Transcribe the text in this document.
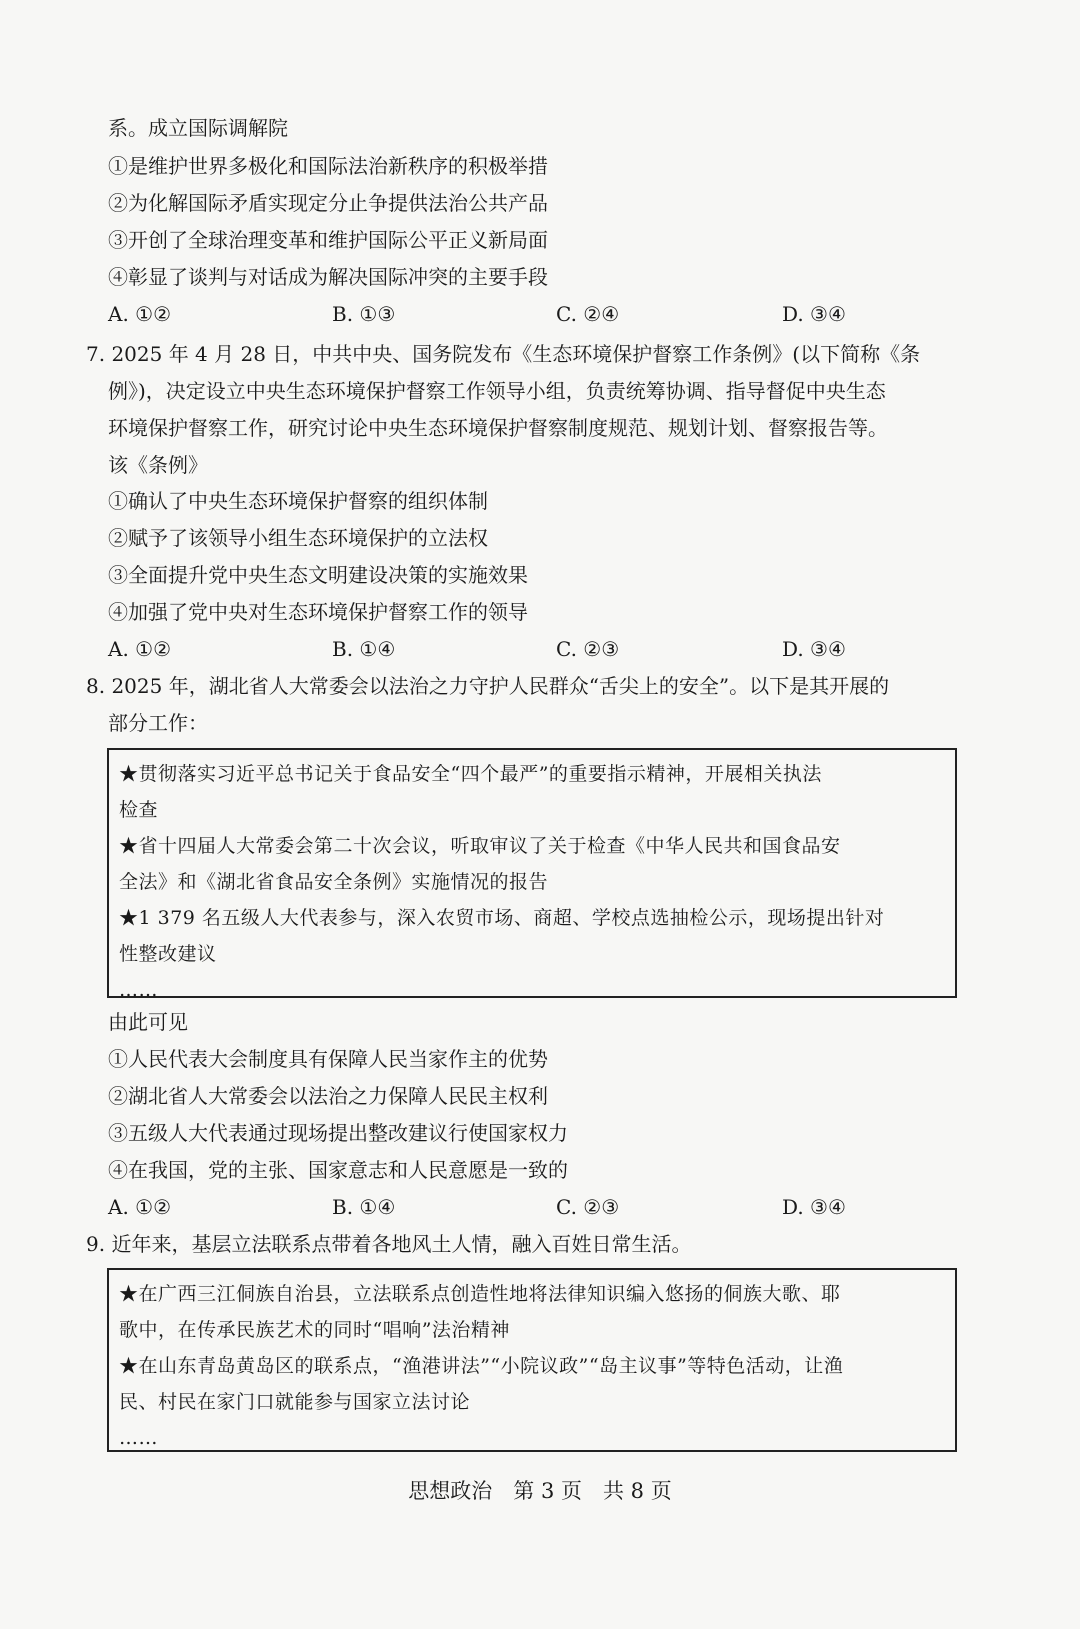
系。成立国际调解院
①是维护世界多极化和国际法治新秩序的积极举措
②为化解国际矛盾实现定分止争提供法治公共产品
③开创了全球治理变革和维护国际公平正义新局面
④彰显了谈判与对话成为解决国际冲突的主要手段
A. ①②	B. ①③	C. ②④	D. ③④
7. 2025 年 4 月 28 日，中共中央、国务院发布《生态环境保护督察工作条例》(以下简称《条
例》)，决定设立中央生态环境保护督察工作领导小组，负责统筹协调、指导督促中央生态
环境保护督察工作，研究讨论中央生态环境保护督察制度规范、规划计划、督察报告等。
该《条例》
①确认了中央生态环境保护督察的组织体制
②赋予了该领导小组生态环境保护的立法权
③全面提升党中央生态文明建设决策的实施效果
④加强了党中央对生态环境保护督察工作的领导
A. ①②	B. ①④	C. ②③	D. ③④
8. 2025 年，湖北省人大常委会以法治之力守护人民群众“舌尖上的安全”。以下是其开展的
部分工作：
★贯彻落实习近平总书记关于食品安全“四个最严”的重要指示精神，开展相关执法
检查
★省十四届人大常委会第二十次会议，听取审议了关于检查《中华人民共和国食品安
全法》和《湖北省食品安全条例》实施情况的报告
★1 379 名五级人大代表参与，深入农贸市场、商超、学校点选抽检公示，现场提出针对
性整改建议
……
由此可见
①人民代表大会制度具有保障人民当家作主的优势
②湖北省人大常委会以法治之力保障人民民主权利
③五级人大代表通过现场提出整改建议行使国家权力
④在我国，党的主张、国家意志和人民意愿是一致的
A. ①②	B. ①④	C. ②③	D. ③④
9. 近年来，基层立法联系点带着各地风土人情，融入百姓日常生活。
★在广西三江侗族自治县，立法联系点创造性地将法律知识编入悠扬的侗族大歌、耶
歌中，在传承民族艺术的同时“唱响”法治精神
★在山东青岛黄岛区的联系点，“渔港讲法”“小院议政”“岛主议事”等特色活动，让渔
民、村民在家门口就能参与国家立法讨论
……
思想政治　第 3 页　共 8 页
